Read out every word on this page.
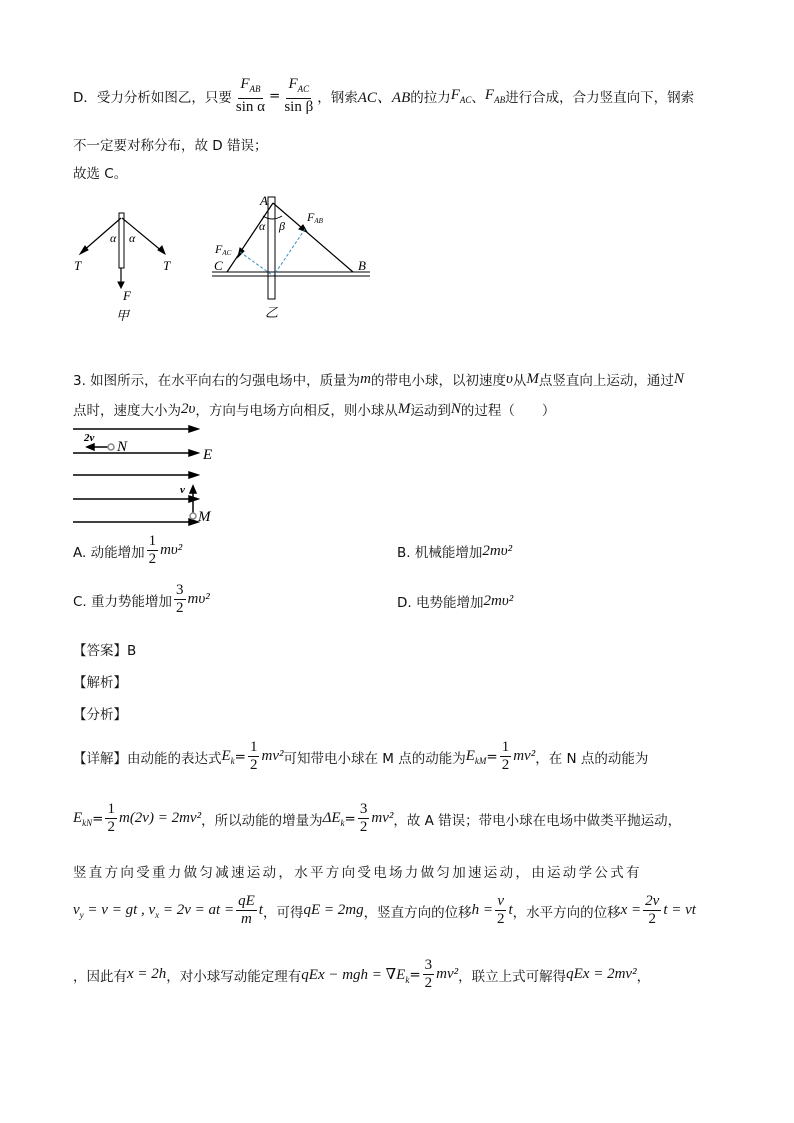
D．受力分析如图乙，只要 $\frac{F_{AB}}{\text{sin α}} = \frac{F_{AC}}{\text{sin β}}$ ，钢索 AC、AB 的拉力 $F_{AC}$ 、 $F_{AB}$ 进行合成，合力竖直向下，钢索
不一定要对称分布，故 D 错误；
故选 C。
α α
T	T
F
甲
A
B
C
α β
FAB
FAC
乙
3. 如图所示，在水平向右的匀强电场中，质量为 m 的带电小球，以初速度 υ 从 M 点竖直向上运动，通过 N
点时，速度大小为 2υ ，方向与电场方向相反，则小球从 M 运动到 N 的过程（　　）
2v
N	E
v
M
A. 动能增加 $\frac{1}{2} m\upsilon^2$	B. 机械能增加 2mυ²
C. 重力势能增加 $\frac{3}{2} m\upsilon^2$	D. 电势能增加 2mυ²
【答案】B
【解析】
【分析】
【详解】由动能的表达式 $E_k = \frac{1}{2} mv^2$ 可知带电小球在 M 点的动能为 $E_{kM} = \frac{1}{2} mv^2$ ，在 N 点的动能为
$E_{kN} = \frac{1}{2} m(2v) = 2mv^2$ ，所以动能的增量为 $\Delta E_k = \frac{3}{2} mv^2$ ，故 A 错误；带电小球在电场中做类平抛运动，
竖直方向受重力做匀减速运动，水平方向受电场力做匀加速运动，由运动学公式有
$v_y = v$ = gt , $v_x = 2v$ = at = $\frac{qE}{m}$ t ，可得 qE = 2mg ，竖直方向的位移 $h = \frac{v}{2}$ t ，水平方向的位移 $x = \frac{2v}{2}$ t = vt
，因此有 x = 2h ，对小球写动能定理有 qEx − mgh = $\nabla E_k = \frac{3}{2} mv^2$ ，联立上式可解得 qEx = 2mv² ，
